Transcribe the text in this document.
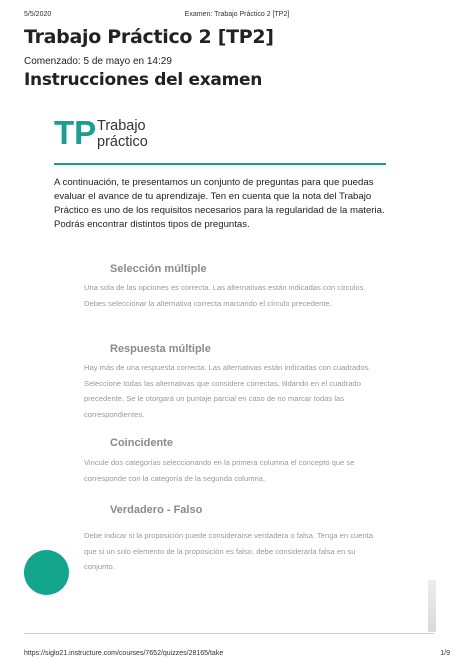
5/5/2020	Examen: Trabajo Práctico 2 [TP2]
Trabajo Práctico 2 [TP2]
Comenzado: 5 de mayo en 14:29
Instrucciones del examen
TP Trabajo
práctico
A continuación, te presentamos un conjunto de preguntas para que puedas evaluar el avance de tu aprendizaje. Ten en cuenta que la nota del Trabajo Práctico es uno de los requisitos necesarios para la regularidad de la materia. Podrás encontrar distintos tipos de preguntas.
Selección múltiple
Una sola de las opciones es correcta. Las alternativas están indicadas con círculos. Debes seleccionar la alternativa correcta marcando el círculo precedente.
Respuesta múltiple
Hay más de una respuesta correcta. Las alternativas están indicadas con cuadrados. Seleccione todas las alternativas que considere correctas, tildando en el cuadrado precedente. Se le otorgará un puntaje parcial en caso de no marcar todas las correspondientes.
Coincidente
Vincule dos categorías seleccionando en la primera columna el concepto que se corresponde con la categoría de la segunda columna.
Verdadero - Falso
Debe indicar si la proposición puede considerarse verdadera o falsa. Tenga en cuenta que si un solo elemento de la proposición es falso, debe considerarla falsa en su conjunto.
https://siglo21.instructure.com/courses/7652/quizzes/28165/take	1/9
